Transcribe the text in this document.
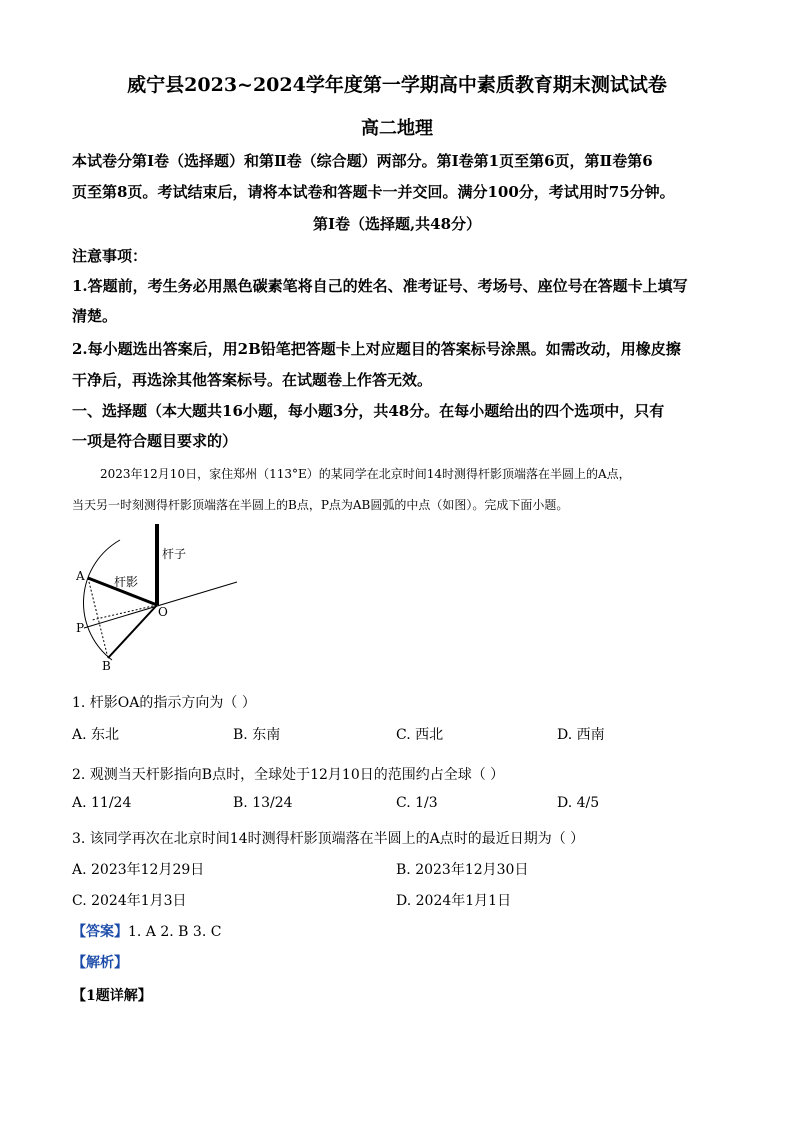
威宁县2023~2024学年度第一学期高中素质教育期末测试试卷
高二地理
本试卷分第Ⅰ卷（选择题）和第Ⅱ卷（综合题）两部分。第Ⅰ卷第1页至第6页，第Ⅱ卷第6
页至第8页。考试结束后，请将本试卷和答题卡一并交回。满分100分，考试用时75分钟。
第Ⅰ卷（选择题,共48分）
注意事项：
1.答题前，考生务必用黑色碳素笔将自己的姓名、准考证号、考场号、座位号在答题卡上填写
清楚。
2.每小题选出答案后，用2B铅笔把答题卡上对应题目的答案标号涂黑。如需改动，用橡皮擦
干净后，再选涂其他答案标号。在试题卷上作答无效。
一、选择题（本大题共16小题，每小题3分，共48分。在每小题给出的四个选项中，只有
一项是符合题目要求的）
2023年12月10日，家住郑州（113°E）的某同学在北京时间14时测得杆影顶端落在半圆上的A点，
当天另一时刻测得杆影顶端落在半圆上的B点，P点为AB圆弧的中点（如图）。完成下面小题。
杆子
杆影
A
O
P
B
1. 杆影OA的指示方向为（ ）
A. 东北	B. 东南	C. 西北	D. 西南
2. 观测当天杆影指向B点时，全球处于12月10日的范围约占全球（ ）
A. 11/24	B. 13/24	C. 1/3	D. 4/5
3. 该同学再次在北京时间14时测得杆影顶端落在半圆上的A点时的最近日期为（ ）
A. 2023年12月29日	B. 2023年12月30日
C. 2024年1月3日	D. 2024年1月1日
【答案】1. A 2. B 3. C
【解析】
【1题详解】
